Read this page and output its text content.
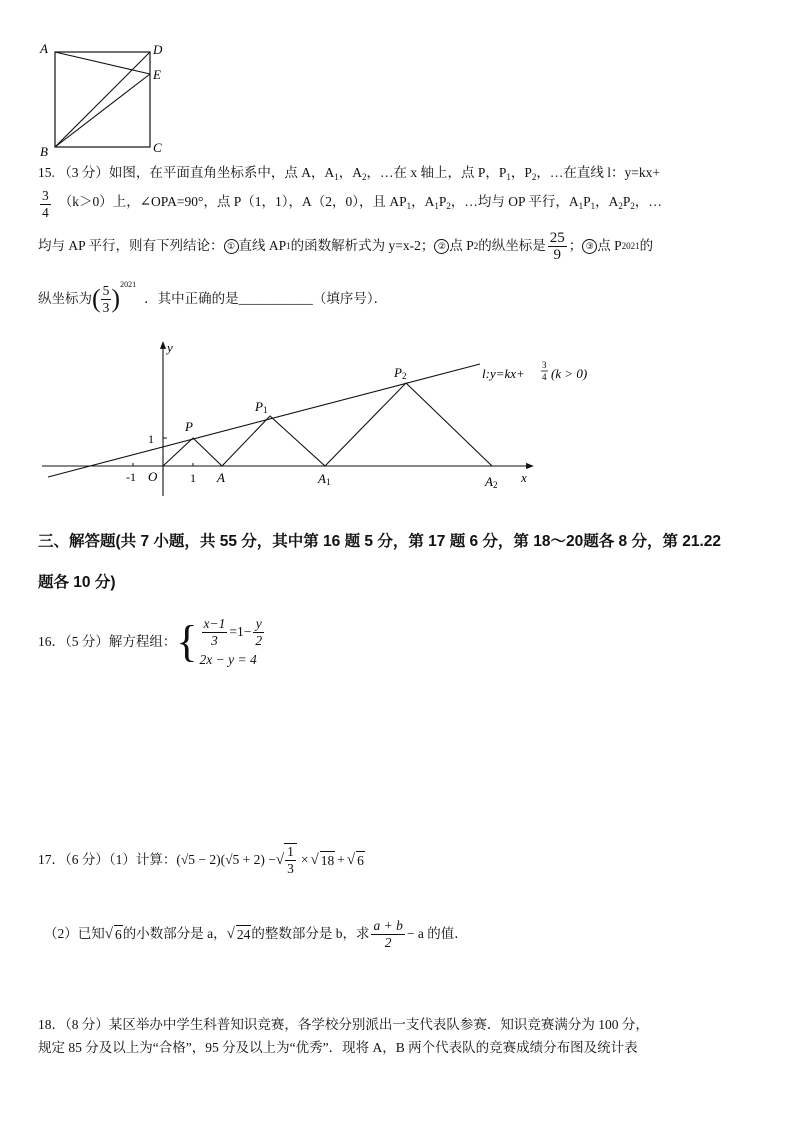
A	D
E
B	C
15. （3 分）如图，在平面直角坐标系中，点 A，$A_1$，$A_2$，…在 x 轴上，点 P，$P_1$，$P_2$，…在直线 l：y=kx+
$\frac{3}{4} (k>0)$上，∠OPA=90°，点 P（1，1），A（2，0），且 $AP_1$，$A_1P_2$，…均与 OP 平行，$A_1P_1$，$A_2P_2$，…
均与 AP 平行，则有下列结论： ① 直线 AP 1 的函数解析式为 y=x-2； ② 点 P 2 的纵坐标是 $\frac{25}{9}$ ； ③ 点 P 2021 的
纵坐标为 ( $\frac{5}{3}$ ) 2021
．其中正确的是___________（填序号）．
y
x
O
1
1
-1
P
P1
P2
A	A1	A2
l:y=kx+
3
4 (k > 0)
三、解答题(共 7 小题，共 55 分，其中第 16 题 5 分，第 17 题 6 分，第 18～20题各 8 分，第 21.22
题各 10 分)
16．（5 分）解方程组： { $\frac{x-1}{3} =1- \frac{y}{2}$
2x − y = 4
17．（6 分）（1）计算： (√5 − 2)(√5 + 2) − √ $\frac{1}{3}$ × √ 18 + √ 6
（2）已知 √ 6 的小数部分是 a， √ 24 的整数部分是 b，求 $\frac{a + b}{2} - a$ 的值．
18．（8 分）某区举办中学生科普知识竞赛，各学校分别派出一支代表队参赛．知识竞赛满分为 100 分，
规定 85 分及以上为“合格”，95 分及以上为“优秀”．现将 A，B 两个代表队的竞赛成绩分布图及统计表
